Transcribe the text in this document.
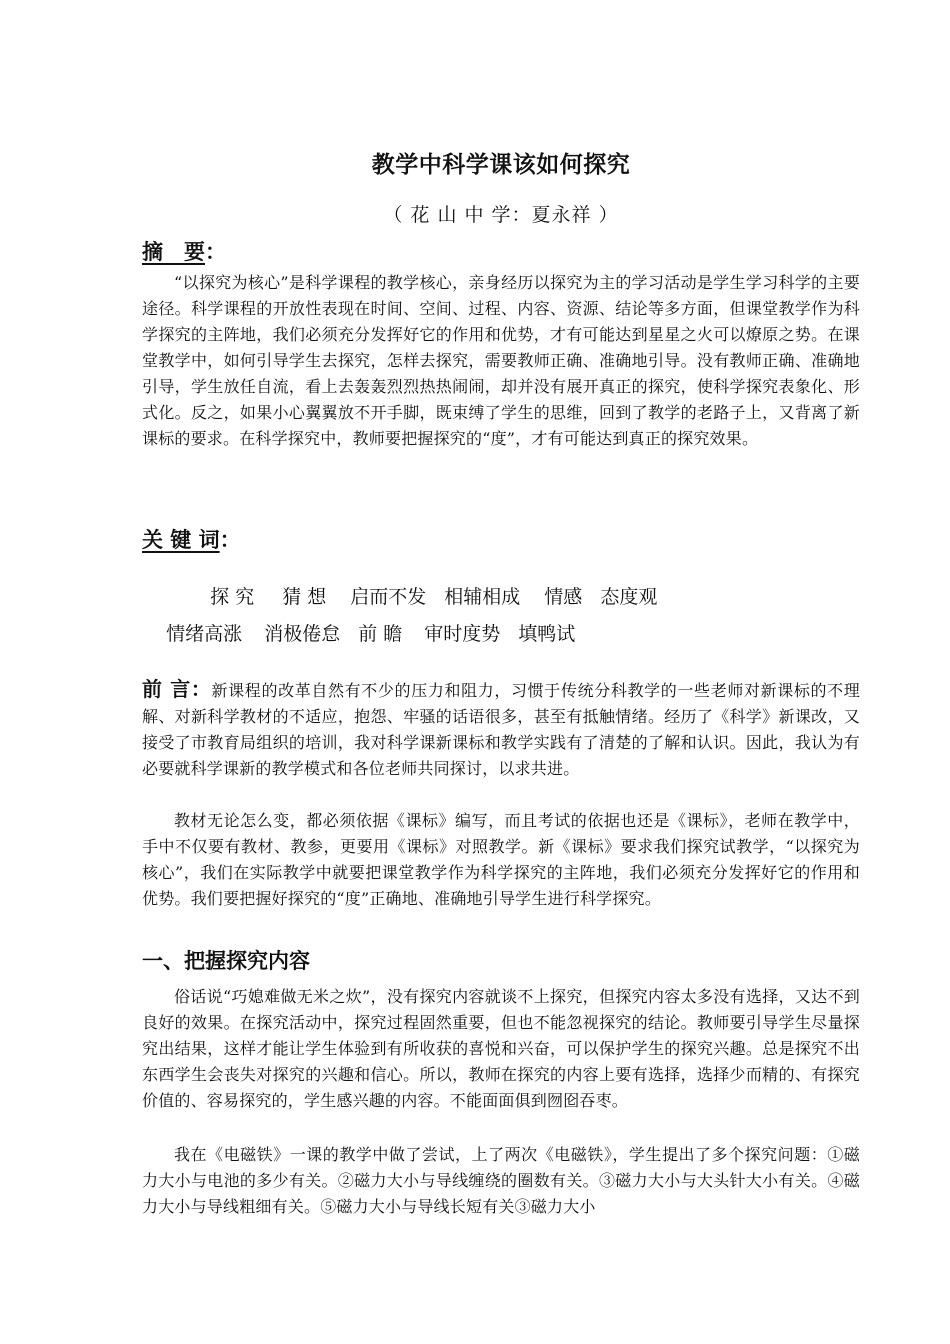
教学中科学课该如何探究
（ 花 山 中 学：夏永祥 ）
摘　要：
“以探究为核心”是科学课程的教学核心，亲身经历以探究为主的学习活动是学生学习科学的主要途径。科学课程的开放性表现在时间、空间、过程、内容、资源、结论等多方面，但课堂教学作为科学探究的主阵地，我们必须充分发挥好它的作用和优势，才有可能达到星星之火可以燎原之势。在课堂教学中，如何引导学生去探究，怎样去探究，需要教师正确、准确地引导。没有教师正确、准确地引导，学生放任自流，看上去轰轰烈烈热热闹闹，却并没有展开真正的探究，使科学探究表象化、形式化。反之，如果小心翼翼放不开手脚，既束缚了学生的思维，回到了教学的老路子上，又背离了新课标的要求。在科学探究中，教师要把握探究的“度”，才有可能达到真正的探究效果。
关 键 词：

探 究 猜 想 启而不发 相辅相成 情感 态度观

情绪高涨 消极倦怠 前 瞻 审时度势 填鸭试

前 言：新课程的改革自然有不少的压力和阻力，习惯于传统分科教学的一些老师对新课标的不理解、对新科学教材的不适应，抱怨、牢骚的话语很多，甚至有抵触情绪。经历了《科学》新课改，又接受了市教育局组织的培训，我对科学课新课标和教学实践有了清楚的了解和认识。因此，我认为有必要就科学课新的教学模式和各位老师共同探讨，以求共进。
教材无论怎么变，都必须依据《课标》编写，而且考试的依据也还是《课标》，老师在教学中，手中不仅要有教材、教参，更要用《课标》对照教学。新《课标》要求我们探究试教学，“以探究为核心”，我们在实际教学中就要把课堂教学作为科学探究的主阵地，我们必须充分发挥好它的作用和优势。我们要把握好探究的“度”正确地、准确地引导学生进行科学探究。
一、把握探究内容
俗话说“巧媳难做无米之炊”，没有探究内容就谈不上探究，但探究内容太多没有选择，又达不到良好的效果。在探究活动中，探究过程固然重要，但也不能忽视探究的结论。教师要引导学生尽量探究出结果，这样才能让学生体验到有所收获的喜悦和兴奋，可以保护学生的探究兴趣。总是探究不出东西学生会丧失对探究的兴趣和信心。所以，教师在探究的内容上要有选择，选择少而精的、有探究价值的、容易探究的，学生感兴趣的内容。不能面面俱到囫囵吞枣。
我在《电磁铁》一课的教学中做了尝试，上了两次《电磁铁》，学生提出了多个探究问题：①磁力大小与电池的多少有关。②磁力大小与导线缠绕的圈数有关。③磁力大小与大头针大小有关。④磁力大小与导线粗细有关。⑤磁力大小与导线长短有关③磁力大小
